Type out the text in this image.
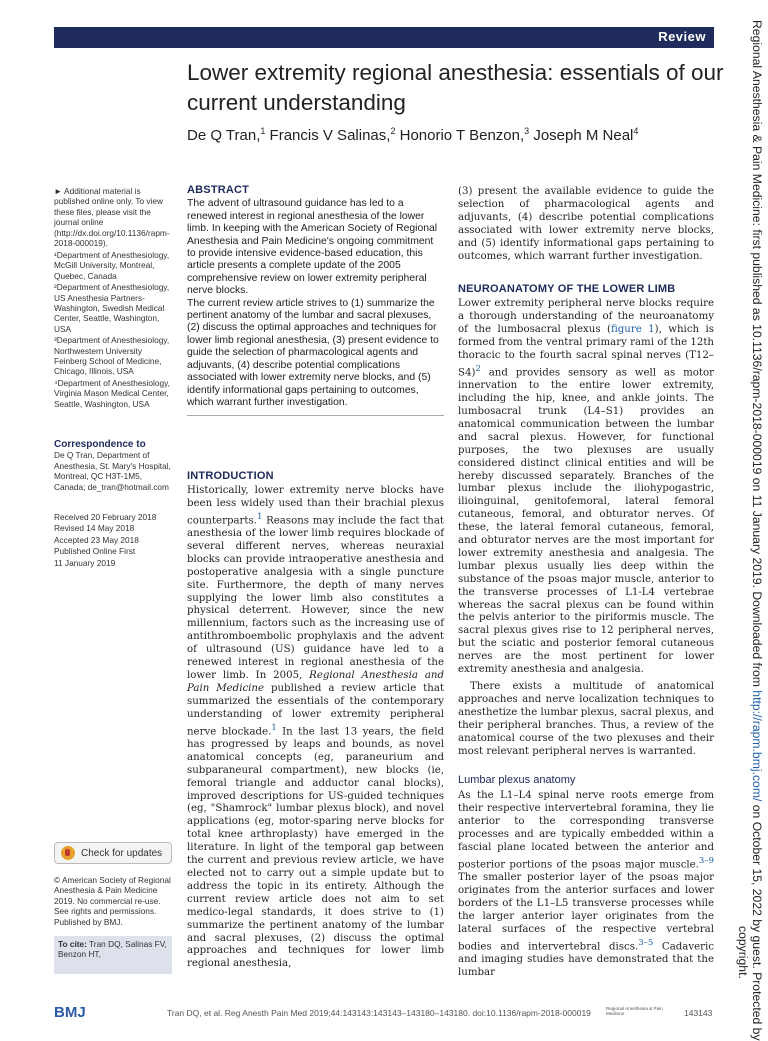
Review
Lower extremity regional anesthesia: essentials of our
current understanding
De Q Tran,$^1$ Francis V Salinas,$^2$ Honorio T Benzon,$^3$ Joseph M Neal$^4$

► Additional material is published online only. To view these files, please visit the journal online (http://dx.doi.org/10.1136/rapm-2018-000019).

¹Department of Anesthesiology, McGill University, Montreal, Quebec, Canada

²Department of Anesthesiology, US Anesthesia Partners-Washington, Swedish Medical Center, Seattle, Washington, USA

³Department of Anesthesiology, Northwestern University Feinberg School of Medicine, Chicago, Illinois, USA

⁴Department of Anesthesiology, Virginia Mason Medical Center, Seattle, Washington, USA

Correspondence to

De Q Tran, Department of Anesthesia, St. Mary's Hospital, Montreal, QC H3T-1M5, Canada; de_tran@hotmail.com

Received 20 February 2018

Revised 14 May 2018

Accepted 23 May 2018

Published Online First

11 January 2019

Check for updates

© American Society of Regional Anesthesia & Pain Medicine 2019. No commercial re-use. See rights and permissions. Published by BMJ.

To cite: Tran DQ, Salinas FV, Benzon HT,
ABSTRACT

The advent of ultrasound guidance has led to a renewed interest in regional anesthesia of the lower limb. In keeping with the American Society of Regional Anesthesia and Pain Medicine's ongoing commitment to provide intensive evidence-based education, this article presents a complete update of the 2005 comprehensive review on lower extremity peripheral nerve blocks.

The current review article strives to (1) summarize the pertinent anatomy of the lumbar and sacral plexuses, (2) discuss the optimal approaches and techniques for lower limb regional anesthesia, (3) present evidence to guide the selection of pharmacological agents and adjuvants, (4) describe potential complications associated with lower extremity nerve blocks, and (5) identify informational gaps pertaining to outcomes, which warrant further investigation.

INTRODUCTION

Historically, lower extremity nerve blocks have been less widely used than their brachial plexus counterparts.$^1$ Reasons may include the fact that anesthesia of the lower limb requires blockade of several different nerves, whereas neuraxial blocks can provide intraoperative anesthesia and postoperative analgesia with a single puncture site. Furthermore, the depth of many nerves supplying the lower limb also constitutes a physical deterrent. However, since the new millennium, factors such as the increasing use of antithromboembolic prophylaxis and the advent of ultrasound (US) guidance have led to a renewed interest in regional anesthesia of the lower limb. In 2005, Regional Anesthesia and Pain Medicine published a review article that summarized the essentials of the contemporary understanding of lower extremity peripheral nerve blockade.$^1$ In the last 13 years, the field has progressed by leaps and bounds, as novel anatomical concepts (eg, paraneurium and subparaneural compartment), new blocks (ie, femoral triangle and adductor canal blocks), improved descriptions for US-guided techniques (eg, "Shamrock" lumbar plexus block), and novel applications (eg, motor-sparing nerve blocks for total knee arthroplasty) have emerged in the literature. In light of the temporal gap between the current and previous review article, we have elected not to carry out a simple update but to address the topic in its entirety. Although the current review article does not aim to set medico-legal standards, it does strive to (1) summarize the pertinent anatomy of the lumbar and sacral plexuses, (2) discuss the optimal approaches and techniques for lower limb regional anesthesia,

(3) present the available evidence to guide the selection of pharmacological agents and adjuvants, (4) describe potential complications associated with lower extremity nerve blocks, and (5) identify informational gaps pertaining to outcomes, which warrant further investigation.

NEUROANATOMY OF THE LOWER LIMB

Lower extremity peripheral nerve blocks require a thorough understanding of the neuroanatomy of the lumbosacral plexus (figure 1), which is formed from the ventral primary rami of the 12th thoracic to the fourth sacral spinal nerves $(T12-S4)^2$ and provides sensory as well as motor innervation to the entire lower extremity, including the hip, knee, and ankle joints. The lumbosacral trunk (L4–S1) provides an anatomical communication between the lumbar and sacral plexus. However, for functional purposes, the two plexuses are usually considered distinct clinical entities and will be hereby discussed separately. Branches of the lumbar plexus include the iliohypogastric, ilioinguinal, genitofemoral, lateral femoral cutaneous, femoral, and obturator nerves. Of these, the lateral femoral cutaneous, femoral, and obturator nerves are the most important for lower extremity anesthesia and analgesia. The lumbar plexus usually lies deep within the substance of the psoas major muscle, anterior to the transverse processes of L1-L4 vertebrae whereas the sacral plexus can be found within the pelvis anterior to the piriformis muscle. The sacral plexus gives rise to 12 peripheral nerves, but the sciatic and posterior femoral cutaneous nerves are the most pertinent for lower extremity anesthesia and analgesia.

There exists a multitude of anatomical approaches and nerve localization techniques to anesthetize the lumbar plexus, sacral plexus, and their peripheral branches. Thus, a review of the anatomical course of the two plexuses and their most relevant peripheral nerves is warranted.

Lumbar plexus anatomy

As the L1–L4 spinal nerve roots emerge from their respective intervertebral foramina, they lie anterior to the corresponding transverse processes and are typically embedded within a fascial plane located between the anterior and posterior portions of the psoas major muscle.$^{3-9}$ The smaller posterior layer of the psoas major originates from the anterior surfaces and lower borders of the L1–L5 transverse processes while the larger anterior layer originates from the lateral surfaces of the respective vertebral bodies and intervertebral discs.$^{3-5}$ Cadaveric and imaging studies have demonstrated that the lumbar

BMJ	Tran DQ, et al. Reg Anesth Pain Med 2019;44:143143:143143–143180–143180. doi:10.1136/rapm-2018-000019	Regional Anesthesia & Pain Medicine	143143
Regional Anesthesia & Pain Medicine: first published as 10.1136/rapm-2018-000019 on 11 January 2019. Downloaded from http://rapm.bmj.com/ on October 15, 2022 by guest. Protected by
copyright.
